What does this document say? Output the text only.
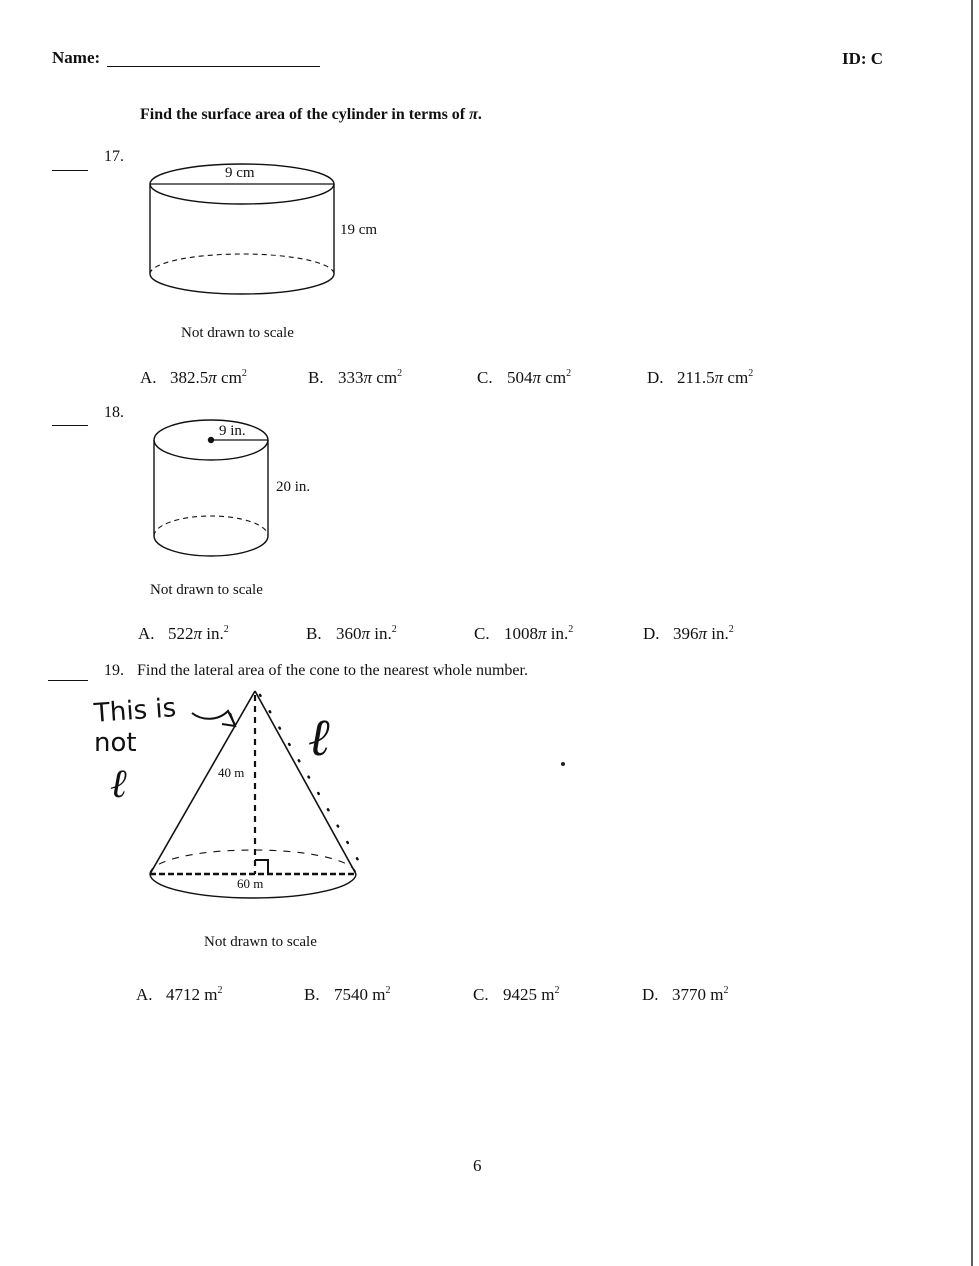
Name:	ID: C
Find the surface area of the cylinder in terms of π.
17.
9 cm
19 cm
Not drawn to scale
A. 382.5π $cm^2$	B. 333π $cm^2$	C. 504π $cm^2$	D. 211.5π $cm^2$
18.
9 in.
20 in.
Not drawn to scale
A. 522π in.$^2$	B. 360π in.$^2$	C. 1008π in.$^2$	D. 396π in.$^2$
19. Find the lateral area of the cone to the nearest whole number.
40 m
60 m
This is
not
ℓ
ℓ
Not drawn to scale
A. 4712 $m^2$	B. 7540 $m^2$	C. 9425 $m^2$	D. 3770 $m^2$
6
